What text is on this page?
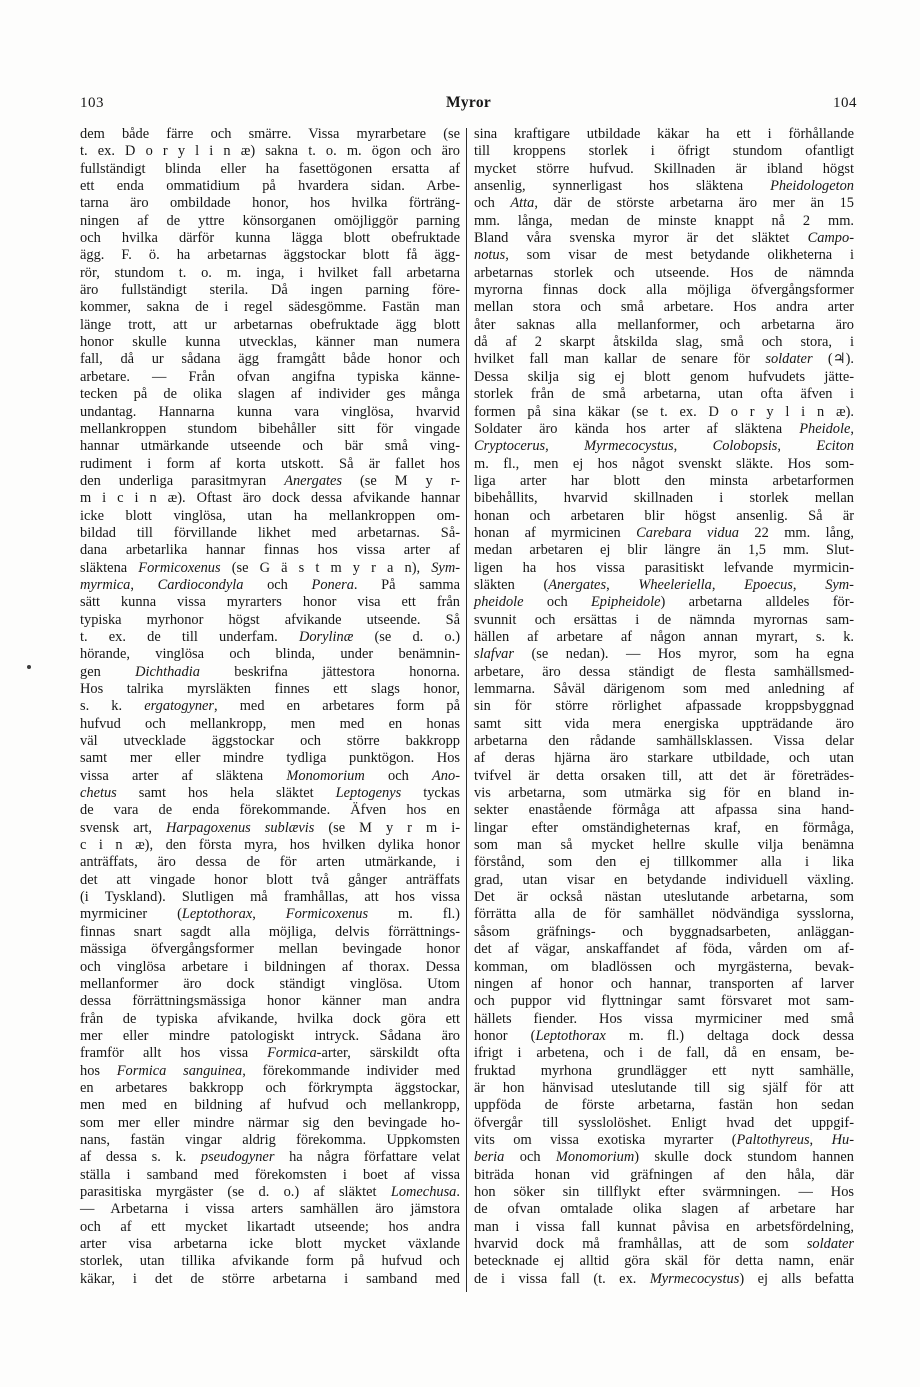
103	Myror	104
dem både färre och smärre. Vissa myrarbetare (se
t. ex. D o r y l i n æ) sakna t. o. m. ögon och äro
fullständigt blinda eller ha fasettögonen ersatta af
ett enda ommatidium på hvardera sidan. Arbe-
tarna äro ombildade honor, hos hvilka förträng-
ningen af de yttre könsorganen omöjliggör parning
och hvilka därför kunna lägga blott obefruktade
ägg. F. ö. ha arbetarnas äggstockar blott få ägg-
rör, stundom t. o. m. inga, i hvilket fall arbetarna
äro fullständigt sterila. Då ingen parning före-
kommer, sakna de i regel sädesgömme. Fastän man
länge trott, att ur arbetarnas obefruktade ägg blott
honor skulle kunna utvecklas, känner man numera
fall, då ur sådana ägg framgått både honor och
arbetare. — Från ofvan angifna typiska känne-
tecken på de olika slagen af individer ges många
undantag. Hannarna kunna vara vinglösa, hvarvid
mellankroppen stundom bibehåller sitt för vingade
hannar utmärkande utseende och bär små ving-
rudiment i form af korta utskott. Så är fallet hos
den underliga parasitmyran Anergates (se M y r-
m i c i n æ). Oftast äro dock dessa afvikande hannar
icke blott vinglösa, utan ha mellankroppen om-
bildad till förvillande likhet med arbetarnas. Så-
dana arbetarlika hannar finnas hos vissa arter af
släktena Formicoxenus (se G ä s t m y r a n), Sym-
myrmica, Cardiocondyla och Ponera. På samma
sätt kunna vissa myrarters honor visa ett från
typiska myrhonor högst afvikande utseende. Så
t. ex. de till underfam. Dorylinæ (se d. o.)
hörande, vinglösa och blinda, under benämnin-
gen Dichthadia beskrifna jättestora honorna.
Hos talrika myrsläkten finnes ett slags honor,
s. k. ergatogyner, med en arbetares form på
hufvud och mellankropp, men med en honas
väl utvecklade äggstockar och större bakkropp
samt mer eller mindre tydliga punktögon. Hos
vissa arter af släktena Monomorium och Ano-
chetus samt hos hela släktet Leptogenys tyckas
de vara de enda förekommande. Äfven hos en
svensk art, Harpagoxenus sublævis (se M y r m i-
c i n æ), den första myra, hos hvilken dylika honor
anträffats, äro dessa de för arten utmärkande, i
det att vingade honor blott två gånger anträffats
(i Tyskland). Slutligen må framhållas, att hos vissa
myrmiciner (Leptothorax, Formicoxenus m. fl.)
finnas snart sagdt alla möjliga, delvis förrättnings-
mässiga öfvergångsformer mellan bevingade honor
och vinglösa arbetare i bildningen af thorax. Dessa
mellanformer äro dock ständigt vinglösa. Utom
dessa förrättningsmässiga honor känner man andra
från de typiska afvikande, hvilka dock göra ett
mer eller mindre patologiskt intryck. Sådana äro
framför allt hos vissa Formica-arter, särskildt ofta
hos Formica sanguinea, förekommande individer med
en arbetares bakkropp och förkrympta äggstockar,
men med en bildning af hufvud och mellankropp,
som mer eller mindre närmar sig den bevingade ho-
nans, fastän vingar aldrig förekomma. Uppkomsten
af dessa s. k. pseudogyner ha några författare velat
ställa i samband med förekomsten i boet af vissa
parasitiska myrgäster (se d. o.) af släktet Lomechusa.
— Arbetarna i vissa arters samhällen äro jämstora
och af ett mycket likartadt utseende; hos andra
arter visa arbetarna icke blott mycket växlande
storlek, utan tillika afvikande form på hufvud och
käkar, i det de större arbetarna i samband med
sina kraftigare utbildade käkar ha ett i förhållande
till kroppens storlek i öfrigt stundom ofantligt
mycket större hufvud. Skillnaden är ibland högst
ansenlig, synnerligast hos släktena Pheidologeton
och Atta, där de störste arbetarna äro mer än 15
mm. långa, medan de minste knappt nå 2 mm.
Bland våra svenska myror är det släktet Campo-
notus, som visar de mest betydande olikheterna i
arbetarnas storlek och utseende. Hos de nämnda
myrorna finnas dock alla möjliga öfvergångsformer
mellan stora och små arbetare. Hos andra arter
åter saknas alla mellanformer, och arbetarna äro
då af 2 skarpt åtskilda slag, små och stora, i
hvilket fall man kallar de senare för soldater (♃).
Dessa skilja sig ej blott genom hufvudets jätte-
storlek från de små arbetarna, utan ofta äfven i
formen på sina käkar (se t. ex. D o r y l i n æ).
Soldater äro kända hos arter af släktena Pheidole,
Cryptocerus, Myrmecocystus, Colobopsis, Eciton
m. fl., men ej hos något svenskt släkte. Hos som-
liga arter har blott den minsta arbetarformen
bibehållits, hvarvid skillnaden i storlek mellan
honan och arbetaren blir högst ansenlig. Så är
honan af myrmicinen Carebara vidua 22 mm. lång,
medan arbetaren ej blir längre än 1,5 mm. Slut-
ligen ha hos vissa parasitiskt lefvande myrmicin-
släkten (Anergates, Wheeleriella, Epoecus, Sym-
pheidole och Epipheidole) arbetarna alldeles för-
svunnit och ersättas i de nämnda myrornas sam-
hällen af arbetare af någon annan myrart, s. k.
slafvar (se nedan). — Hos myror, som ha egna
arbetare, äro dessa ständigt de flesta samhällsmed-
lemmarna. Såväl därigenom som med anledning af
sin för större rörlighet afpassade kroppsbyggnad
samt sitt vida mera energiska uppträdande äro
arbetarna den rådande samhällsklassen. Vissa delar
af deras hjärna äro starkare utbildade, och utan
tvifvel är detta orsaken till, att det är företrädes-
vis arbetarna, som utmärka sig för en bland in-
sekter enastående förmåga att afpassa sina hand-
lingar efter omständigheternas kraf, en förmåga,
som man så mycket hellre skulle vilja benämna
förstånd, som den ej tillkommer alla i lika
grad, utan visar en betydande individuell växling.
Det är också nästan uteslutande arbetarna, som
förrätta alla de för samhället nödvändiga sysslorna,
såsom gräfnings- och byggnadsarbeten, anläggan-
det af vägar, anskaffandet af föda, vården om af-
komman, om bladlössen och myrgästerna, bevak-
ningen af honor och hannar, transporten af larver
och puppor vid flyttningar samt försvaret mot sam-
hällets fiender. Hos vissa myrmiciner med små
honor (Leptothorax m. fl.) deltaga dock dessa
ifrigt i arbetena, och i de fall, då en ensam, be-
fruktad myrhona grundlägger ett nytt samhälle,
är hon hänvisad uteslutande till sig själf för att
uppföda de förste arbetarna, fastän hon sedan
öfvergår till sysslolöshet. Enligt hvad det uppgif-
vits om vissa exotiska myrarter (Paltothyreus, Hu-
beria och Monomorium) skulle dock stundom hannen
biträda honan vid gräfningen af den håla, där
hon söker sin tillflykt efter svärmningen. — Hos
de ofvan omtalade olika slagen af arbetare har
man i vissa fall kunnat påvisa en arbetsfördelning,
hvarvid dock må framhållas, att de som soldater
betecknade ej alltid göra skäl för detta namn, enär
de i vissa fall (t. ex. Myrmecocystus) ej alls befatta
